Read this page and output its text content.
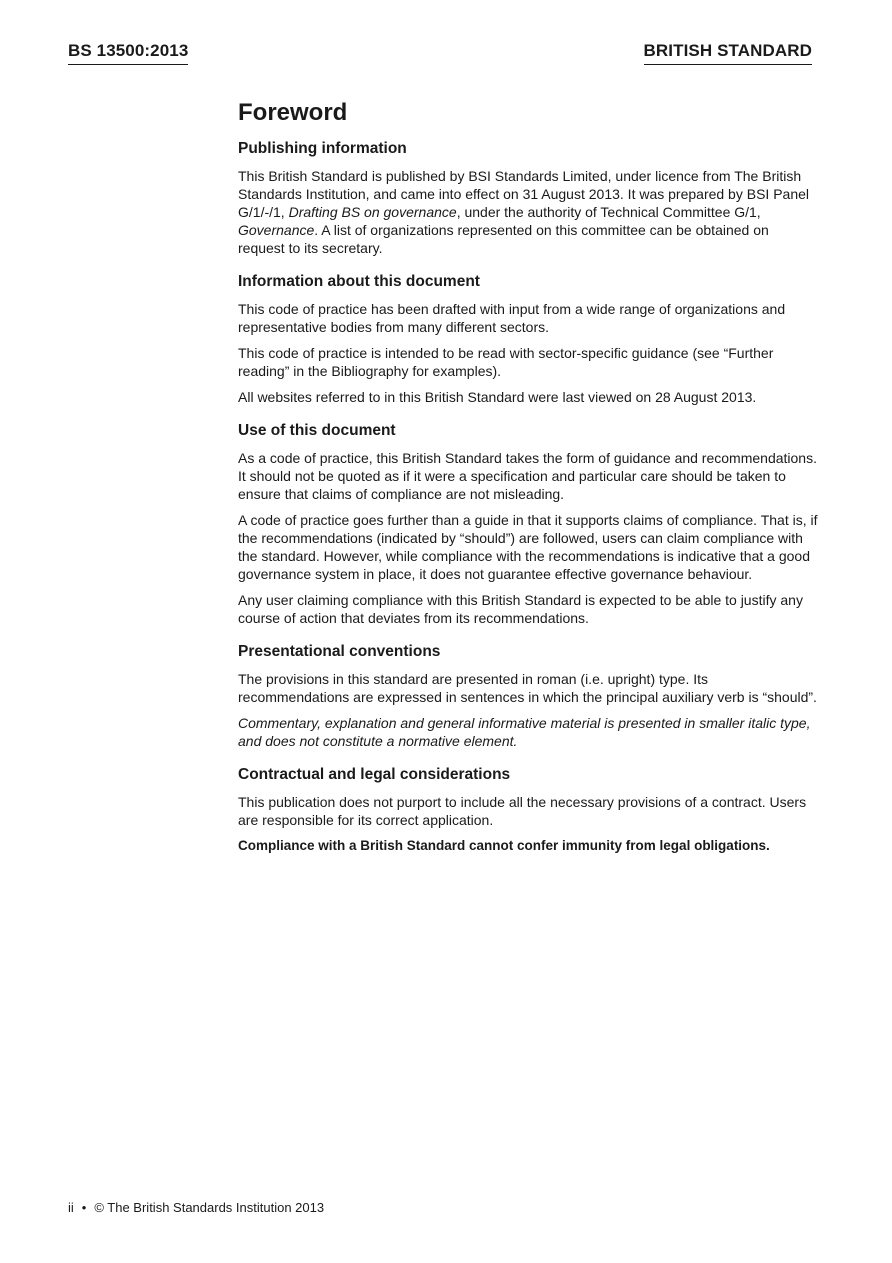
BS 13500:2013	BRITISH STANDARD
Foreword
Publishing information

This British Standard is published by BSI Standards Limited, under licence from The British Standards Institution, and came into effect on 31 August 2013. It was prepared by BSI Panel G/1/-/1, Drafting BS on governance, under the authority of Technical Committee G/1, Governance. A list of organizations represented on this committee can be obtained on request to its secretary.

Information about this document

This code of practice has been drafted with input from a wide range of organizations and representative bodies from many different sectors.

This code of practice is intended to be read with sector-specific guidance (see “Further reading” in the Bibliography for examples).

All websites referred to in this British Standard were last viewed on 28 August 2013.

Use of this document

As a code of practice, this British Standard takes the form of guidance and recommendations. It should not be quoted as if it were a specification and particular care should be taken to ensure that claims of compliance are not misleading.

A code of practice goes further than a guide in that it supports claims of compliance. That is, if the recommendations (indicated by “should”) are followed, users can claim compliance with the standard. However, while compliance with the recommendations is indicative that a good governance system in place, it does not guarantee effective governance behaviour.

Any user claiming compliance with this British Standard is expected to be able to justify any course of action that deviates from its recommendations.

Presentational conventions

The provisions in this standard are presented in roman (i.e. upright) type. Its recommendations are expressed in sentences in which the principal auxiliary verb is “should”.

Commentary, explanation and general informative material is presented in smaller italic type, and does not constitute a normative element.

Contractual and legal considerations

This publication does not purport to include all the necessary provisions of a contract. Users are responsible for its correct application.

Compliance with a British Standard cannot confer immunity from legal obligations.

ii • © The British Standards Institution 2013
